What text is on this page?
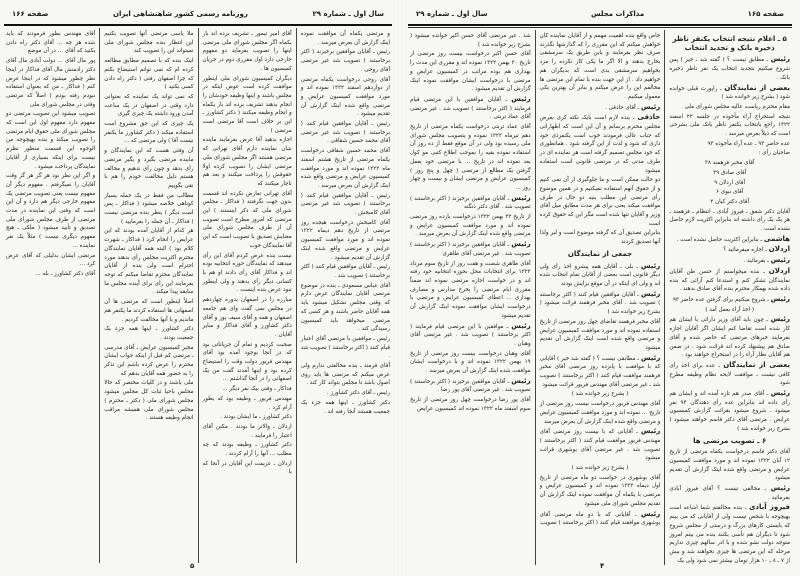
سال اول ـ شماره ۲۹
روزنامه رسمی کشور شاهنشاهی ایران
صفحه ۱۶۶

و مرتضی یکماه آن موافقت نموده اینک گزارش آن بعرض میرسد .

رئیس ـ آقایان موافقین برخیزند ( اکثر برخاستند ) تصویب شد غیر مرتضی آقای روحی .

آقای روحی درخواست یکماه مرتضی از دوازدهم اسفند ۱۳۲۲ نموده اند و مورد موافقت کمیسیون عرایض و مرتضی واقع شده اینک گزارش آن تقدیم میشود .

رئیس ـ آقایان موافقین قیام کنند ( برخاستند ) تصویب شد غیر مرتضی آقای محمد حسین شقاقی .

آقای محمد حسین شقاقی درخواست یکماه مرتضی از تاریخ هشتم اسفند ماه ۱۳۲۲ نموده اند و مورد موافقت کمیسیون عرایض و مرتضی واقع شده اینک گزارش آن بعرض میرسد .

رئیس ـ آقایان موافقین قیام کنند ( برخاستند ) تصویب شد غیر مرتضی آقای کامبخش .

آقای کامبخش درخواست هیجده روز مرتضی از تاریخ دهم دیماه ۱۳۲۲ نموده اند و مورد موافقت کمیسیون عرایض و مرتضی واقع شده اینک گزارش آن تقدیم میشود .

رئیس ـ آقایان موافقین قیام کنند ( اکثر برخاستند ) تصویب شد .

آقای عباس مسعودی ـ بنده در موضوع مرتضی آقایان نمایندگان عرض دارم که وقتی مجلس تشکیل میشود باید همه آقایان حاضر باشند و هر کسی که مرتضی میخواهد باید کمیسیون رسیدگی کند .

رئیس ـ موافقین با مرتضی آقای اعتبار قیام کنند ( اکثر برخاستند ) تصویب شد .

آقای فرمند ـ بنده مخالفتی ندارم ولی عرض میکنم که مرتضی ها باید روی اصول باشد تا مجلس بتواند کار کند .

رئیس ـ آقای دکتر کشاورز .

دکتر کشاورز ـ اینها همه جزء یک جمعیت هستند آنجا رفته اند .

آقای امیر تیمور ـ تشریف برده اند بار یکماه اگر مجلس شورای ملی مرتضی اینها را تصویب بفرماید دو مفهوم خارجی دارد اول مقرری دوم در جریان کمیسیون ها .

دیگران کمیسیون شورای ملی اینطور موافقت کرده است عوض اینکه در مجلس باشند و اینها وظیفه خودشان را انجام بدهند تشریف برده اند بار یکماه و انجام وظیفه میکنند ( دکتر کشاورز ـ این بر خلاف است آقا مرتضی است مرتضی )

اجازه بدهید آقا عرض بفرمایند ماینده شان نماینده دارم آقای تهرانی که مرتضی هستند اگر مجلس شورای ملی مرتضی ایشان را تصویب کرده اولا حقوقش را پرداخت میکنند و بعد هم ناچار میکنند که

آقای تهرانی تعارض نکرده اند قسمت بدون جهت نگرفتند ( فداکار ـ مجلس شورای ملی که دکر اینستند ) این مرتضی که امروز مطرح است تصویب آن از طرف مجلس شورای ملی معنایش تصدیق یا تصویب است که این آقا نمایندگان خوب

نیست بنده عرض کردم آقای این رأی میدهند که نمایندگان حوزه انتخابیه بوده اند و فداکار آقای رأی دادند او هم یا کسانی دیگر رأی بدهند و ولی اینطور نبود عرض بنده اینست .

مبارزه را در اصفهان بدوره چهاردهم در مجلس نمی گفت وای هم جامعه اصفهان و همه و آقای سیف پور و آقای دکتر کشاورز و آقای فداکار و سایر آقایان .

صحبت کردیم و تمام آن جریاناتی بود که در آنجا بوجود آمده بود آقای مهندس فریور دولت وقت را استیضاح کرده بود و اینها آمدند گفت من یک اصفهانی را در آنجا گذاشتم ...

فداکار ـ وقتی بیک نفر دیگر ...

مهندس فریور ـ وظیفه بود که بطور آرام کرد .

دکتر کشاورز ـ ما ایشان بودند .

اردلان ـ والاتر ما بودند . مکنن آقای اعتبار را فرمایند .

دکتر کشاورز ـ وظیفه بودند که چه مطلب ... آنها را آرام کردند .

اردلان ـ عزیمت این آقایان در آنجا که با

ملا یاسی مرتضی آنها تصویب بکنیم این انتظار بنده مجلس شورای ملی نمیتواند این را تصویب کند

اینک بنده که با تصمیم مطابق مطالعه کرده ام که نمی توانم استیضاح بکنم که چرا اصفهان رفتی ( دکتر راه دادن کسی بکنید )

که نمی تواند یک نماینده که بعنوانی دارد وقتی در اصفهان در یک ساعت آمدن ورود داشته یک چیزی گیری

یک چیزی که این حق مشروع است استفاده میکند ( دکتر کشاورز ما یکنفر نیست آقا ) ولی مرتضی که ...

آن وقتی هست که این نمایندگان و ماینده مرتضی بگیرد و بگیر مرتضی رأی بدهد و چون رأی ندهیم و مخالف هستم دلیل مخالفت خودم را هم با نقی بگوییم

مطالب من فقط در یک جمله بسیار کوتاهی خلاصه میشود ( فداکار ـ پس است دیگر ) بنظر بنده مرتضی نیست ( فداکار ـ آن جمله را بفرمایید )

هر کدام از آقایان آمده بودند که این عرایض را انجام کرد ( فداکار ـ شهرت کلام بود ) البته همه آقایان نمایندگان محترم اکثریت مجلس رأی بدهند مورد احترام است ولی بنده از آقایان نمایندگان محترم تقاضا میکنم که توجه بفرمایند این رأی برای آینده مجلس ما سابقه پیدا میکند .

اصلاً اینطور است که مرتضی ها آن اصفهانی ها استفاده کردند ما یکنفر هم ماندیم و با آنها مخالفت کردیم .

دکتر کشاورز ـ اینها همه جزء یک جمعیت بودند .

مخبر کمیسیون عرایض ـ آقای مدرسی ـ مرتضی کم قبل از اینکه جواب ایشان محترم را عرض کرده باشم این تذکر را به حضور همه آقایان بدهم که

ملی باشند و در کلیات مختصر که حالا مجلس باحیا ثبات کل مجلس میشود مجلس شورای ملی ( دکتر ـ محترم ) مجلس شورای ملی همیشه مراقب انجام وظیفه هستند .

آقای مهندس بطور فرمودند که باید شده هر چه ... آقای دکتر راه دادن بکنید که آقای ... در آن موضع

پور مال آقای ... دولت آبادی مال آقای دکتر رادمنش مال آقای فداکار در اینجا نظر چطور میشود که در اینجا عرض کنم ( فداکار ـ من که بعنوان استفاده نبودم رفته بودم ) اصلاً که مرتضی وقتی در مجلس شورای ملی

تصویب میشود این تصویب مرتضی دو مفهوم دارد مفهوم اول این است که مجلس شورای ملی حقوق ایام مرتضی را تصویب میکند و بنده بهیچوجه من الوجوه این قسمت منظور نظرم نیست برای اینکه بسیاری از آقایان نمایندگان پرداخت میشود .

و اگر این نظر بود هر گز هر گز وقت آقایان را نمیگرفتم . مفهوم دیگر آن مفهوم نیست یعنی تصویب مرتضی یک مفهوم خارجی دیگر هم دارد و آن این است که وقتی این نماینده در مدت مرتضی از طرف مجلس شورای ملی تصدیق و تأیید میشود ( ملکی ـ هیچ مفهوم دیگری نیست ) مثلاً یک نفر نماینده ...

مرتضی ایشان بدلیلی که آقای عرض کرد ...

آقای دکتر کشاورز ـ بله ...

۵
صفحه ۱۶۵
مذاکرات مجلس
سال اول ـ شماره ۲۹

۵ ـ اعلام نتیجه انتخاب یکنفر ناظر ذخیره بانک و تجدید انتخاب

رئیس ـ مطابق نیست ؟ ( گفته شد ـ خیر ) پس شروع میکنیم بتجدید انتخاب یک نفر ناظر ذخیره بانک .

بعضی از نمایندگان ـ راپورت قبلی خوانده شود ( بشرح زیر خوانده شد )

مقام محترم ریاست عالیه مجلس شورای ملی

نتیجه استخراج آراء مأخوذه در جلسه ۲۲ اسفند ۱۳۲۲ راجع بانتخاب یکنفر ناظر بانک ملی بشرحی است که ذیلاً بعرض میرسد .

عده حاضر ۹۳ ـ عده آراء مأخوذه ۹۳

صاحبان رأی :

آقای مخبر فرهمند ۳۸

آقای صادق ۳۹

آقای اردلان ۹

آقای نبوی ۶

آقای دکتر کیان ۲

آقایان دکتر شفق ـ فیروز آبادی ـ انتظام ـ فرهمند ـ هر یک یک رأی داشته اند بنابراین اکثریت لازم حاصل نشده است .

هاشمی ـ بنابراین اکثریت حاصل نشده است .

اردلان ـ اجازه میفرمائید ؟

رئیس ـ بفرمائید .

اردلان ـ بنده میخواستم از حسن ظن آقایان نمایندگان تشکر کنم و استدعا کنم آرائی که بنده داده شده بهمکار محترم بنده آقای صادق بدهند .

رئیس ـ شروع میکنیم برای گرفتن عده حاضر ۹۳

( اخذ آراء بعمل آمد )

رئیس ـ چون باید آقای وزیر دارائی با ایشان هم کار شده است تقاضا کنم ایشان اگر آقایان اجازه بفرمایند خبرهای مرتضی که حاضر شده و آقای صادق هم پیشنهاد کرده اند قرائت شود . در ضمن هم آقایان نظار آراء را در استخراج خواهند بود .

بعضی از نمایندگان ـ عده برای اخذ رأی کافی نیست ـ موافقت لایحه نظام وظیفه مطرح شود

رئیس ـ آقای صدر هم تازه آمده اند و ایشان هم رأی داده اند بنابراین عده رأی دهندگان ۹۴ نفر میشود . شروع میشود بقرائت گزارش کمیسیون عرایض . مرتضی آقای دکتر قاسم خواهند میشود ( بشرح زیر خوانده شد )

۶ ـ تصویب مرتضی ها

آقای دکتر قاسم درخواست یکماه مرتضی از تاریخ ۱۲ آبان ۱۳۲۲ نموده اند و مورد موافقت کمیسیون عرایض و مرتضی واقع شده اینک گزارش آن تقدیم میشود

رئیس ـ مخالفی نیست ؟ آقای فیروز آبادی بفرمائید .

فیروز آبادی ـ بنده مخالفتم شما اشاعه است بهیچوجه با شخص نیست ولی از آقایانی که می بینم که بایستی کارهای بزرگ و درستی از مجلس شروع شود تا دیگران هم تأسی بکنند بنده می بینم امروز متوجه دولت نشو شده و با ادر سالهم چیزی نداریم مرحله که این مرتضی ها چیزی نخواهند شد و بیش از ۷ ـ ۸ ـ ۱۰ هزار تومان بیشتر نمی شود ولی یک

خاص واقع بنده اهمیت مهمم و از آقایان نماینده کان خواهش میکنم که این مقرری را که گذارشها نگذرند صرف نظر بفرمایند و باین طریق یک سرمشقی بخارج بدهند و الا اگر ما یکی کار نکرده را مزد بخواهیم سرمشقی بدی است که بدیگران هم خواهیم داد . از این جهت بنده با تمام این مرتضی ها مخالفم این را عرض میکنم و بنابر آن بهترین یکی معمول میکنیم .

رئیس ـ آقای حاذقی .

حاذقی ـ بنده لازم است بایک نکته کری بعرض مجلس محترم برسانم و آن این است که اظهاراتی که جناب عالی فرمودند خوب است یکنفرذی خود داری که شود و لذت از این گرفته شود . همانطوری که خود مجلس تصمیم گرفته است هر نماینده ای در طرف مدتی که در مرتضی قانونی است استفاده میشود

دو حالت ممکن است و ما جلوگیری از آن نمی کنیم و از حقوق آنهم استفاده نمیکنیم و در همین موضوع رأی مرتضی این مطلب بنیه دو حال در طرف موافقت میکند یعنی برای هر مدت مطابق میل آقای وزیر و آقایان تنها شده است مگر این که حقوق کرده است

بنابراین تصدیق آن که گرفته موضوع است و لیر ولذا آنها تصدیق کردند

جمعی از نمایندگان

رئیس ـ بلی ـ آقایان همه پیشرو اخذ رأی ولی دیگر قانونی است بعضی از آقایان تمام انتخاب شده اند و ولی ای اینکه در آن موقع برایش بودند

رئیس ـ آقایان موافقین قیام کنند ( اکثر برخاستند ) تصویب شد . آقای مخبر فرهمند قرائت میشود ( بشرح زیر خوانده شد )

آقای مخبر فرهمند تقاضای چهل روز مرتضی از تاریخ استفاده نموده اند و مورد موافقت کمیسیون عرایض و مرتضی واقع شده است اینک گزارش آن تقدیم میشود

رئیس ـ مطابقی نیست ؟ ( گفته شد خیر ) آقایانی که با موافقت با پانزده روز مرتضی آقای مخبر فرهمند موافقت قیام کنند ( اکثر برخاستند ) تصویب شد ـ غیر مرتضی آقای مهندس فریور قرائت میشود

( بشرح زیر خوانده شد )

آقای مهندس فریور درخواست بیست روز مرتضی از تاریخ ... نموده اند و مورد موافقت کمیسیون عرایض و مرتضی واقع شده اینک گزارش آن بعرض میرسد

رئیس ـ آقایانی که با بیست روز مرتضی آقای مهندس فریور موافقت قیام کنند ( اکثر برخاستند ) تصویب شد . غیر مرتضی آقای بوشهری قرائت میشود

( بشرح زیر خوانده شد )

آقای بوشهری در خواست دو ماه مرتضی از تاریخ اول دیماه ۱۳۲۲ نموده اند و کمیسیون عرایض و مرتضی با یکماه آن موافقت نموده اینک گزارش آن تقدیم مجلس شورای ملی میشود

رئیس ـ آقایانی که با دو ماه مرتضی آقای بوشهری موافقند قیام کنند ( اکثر برخاستند ) تصویب

شد . غیر مرتضی آقای حسن اکبر خوانده میشود ( بشرح زیر خوانده شد )

آقای حسن اکبر درخواست بیست روز مرتضی از تاریخ ۲۰ بهمن ۱۳۲۲ نموده اند و مقرری این مدت را بهداری هم بوده مراتب در کمیسیون عرایض و مرتضی با درخواست ایشان موافقت نموده اینک گزارش آن تقدیم میشود .

رئیس ـ آقایان موافقین با این مرتضی قیام فرمایند ( اکثر برخاستند ) تصویب شد . غیر مرتضی آقای عماد تربتی .

آقای عماد تربتی درخواست یکماه مرتضی از تاریخ دهم تیرماه ۱۳۲۲ نموده و بتصویب مجلس شورای ملی رسیده بود ولی در آن موقع فقط از ده روز آن استفاده نموده بقیه را بموجب اطلاع کتبی مو کول بعد نموده اند در تاریخ ... با مرتضی خود بعمل گرفتن یک مطالع از مرتضی ( چهل و پنج روز ) کمیسیون عرایض و مرتضی ایشان و بیست و چهار روز ...

رئیس ـ آقایان موافقین برخیزند ( اکثر برخاستند ) تصویب شد . آقای دکتر ذنگنه

از تاریخ ۲۲ بهمن ۱۳۲۲ درخواست یازده روز مرتضی نموده اند و مورد موافقت کمیسیون عرایض و مرتضی واقع شده اینک گزارش آن بعرض میرسد .

رئیس ـ آقایان موافقین برخیزند ( اکثر برخاستند ) تصویب شد . غیر مرتضی آقای طاهری

آقای طاهری شصت و هفت روز از تاریخ سوم مرداد ۱۳۲۲ برای انتخابات محل بحوزه انتخابیه خود رفته اند و در خواست اجازه مرتضی نموده اند ضمناً مقرری ایام مرتضی را بخرج مدارس و مصارف بهداری ... اعطای کمیسیون عرایض و مرتضی با درخواست ایشان موافقت نموده اینک گزارش آن تقدیم میشود

رئیس ـ موافقین با این مرتضی قیام فرمایند ( اکثر برخاستند ) تصویب شد . غیر مرتضی آقای وهبان .

آقای وهبان درخواست بیست روز مرتضی از تاریخ ۱۹ بهمن ۱۳۲۲ نموده اند و با درخواست ایشان موافقت شده اینک گزارش آن بعرض میرسد .

رئیس ـ آقایان موافقین برخیزند ( اکثر برخاستند ) تصویب شد . غیر مرتضی آقای پور رضا .

آقای پور رضا درخواست چهل روز مرتضی از تاریخ سوم اسفند ماه ۱۳۲۲ نموده اند کمیسیون عرایض

۴
